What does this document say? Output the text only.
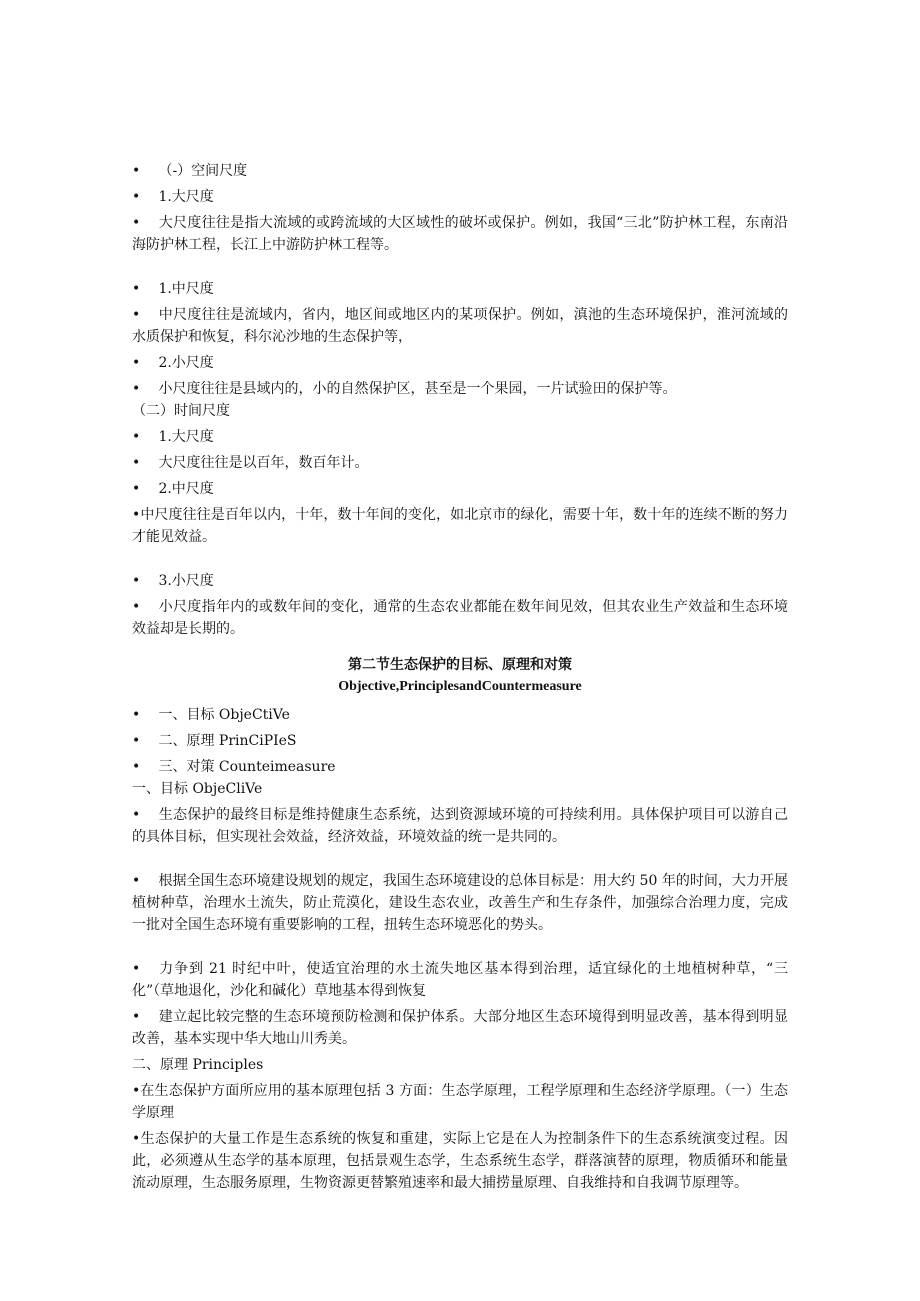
• （-）空间尺度

• 1.大尺度

• 大尺度往往是指大流域的或跨流域的大区域性的破坏或保护。例如，我国“三北”防护林工程，东南沿海防护林工程，长江上中游防护林工程等。

• 1.中尺度

• 中尺度往往是流域内，省内，地区间或地区内的某项保护。例如，滇池的生态环境保护，淮河流域的水质保护和恢复，科尔沁沙地的生态保护等，

• 2.小尺度

• 小尺度往往是县域内的，小的自然保护区，甚至是一个果园，一片试验田的保护等。

（二）时间尺度

• 1.大尺度

• 大尺度往往是以百年，数百年计。

• 2.中尺度

•中尺度往往是百年以内，十年，数十年间的变化，如北京市的绿化，需要十年，数十年的连续不断的努力才能见效益。

• 3.小尺度

• 小尺度指年内的或数年间的变化，通常的生态农业都能在数年间见效，但其农业生产效益和生态环境效益却是长期的。

第二节生态保护的目标、原理和对策

Objective,PrinciplesandCountermeasure

• 一、目标 ObjeCtiVe

• 二、原理 PrinCiPIeS

• 三、对策 Counteimeasure

一、目标 ObjeCliVe

• 生态保护的最终目标是维持健康生态系统，达到资源域环境的可持续利用。具体保护项目可以游自己的具体目标，但实现社会效益，经济效益，环境效益的统一是共同的。

• 根据全国生态环境建设规划的规定，我国生态环境建设的总体目标是：用大约 50 年的时间，大力开展植树种草，治理水土流失，防止荒漠化，建设生态农业，改善生产和生存条件，加强综合治理力度，完成一批对全国生态环境有重要影响的工程，扭转生态环境恶化的势头。

• 力争到 21 时纪中叶，使适宜治理的水土流失地区基本得到治理，适宜绿化的土地植树种草，“三化”（草地退化，沙化和碱化）草地基本得到恢复

• 建立起比较完整的生态环境预防检测和保护体系。大部分地区生态环境得到明显改善，基本得到明显改善，基本实现中华大地山川秀美。

二、原理 Principles

•在生态保护方面所应用的基本原理包括 3 方面：生态学原理，工程学原理和生态经济学原理。（一）生态学原理

•生态保护的大量工作是生态系统的恢复和重建，实际上它是在人为控制条件下的生态系统演变过程。因此，必须遵从生态学的基本原理，包括景观生态学，生态系统生态学，群落演替的原理，物质循环和能量流动原理，生态服务原理，生物资源更替繁殖速率和最大捕捞量原理、自我维持和自我调节原理等。
